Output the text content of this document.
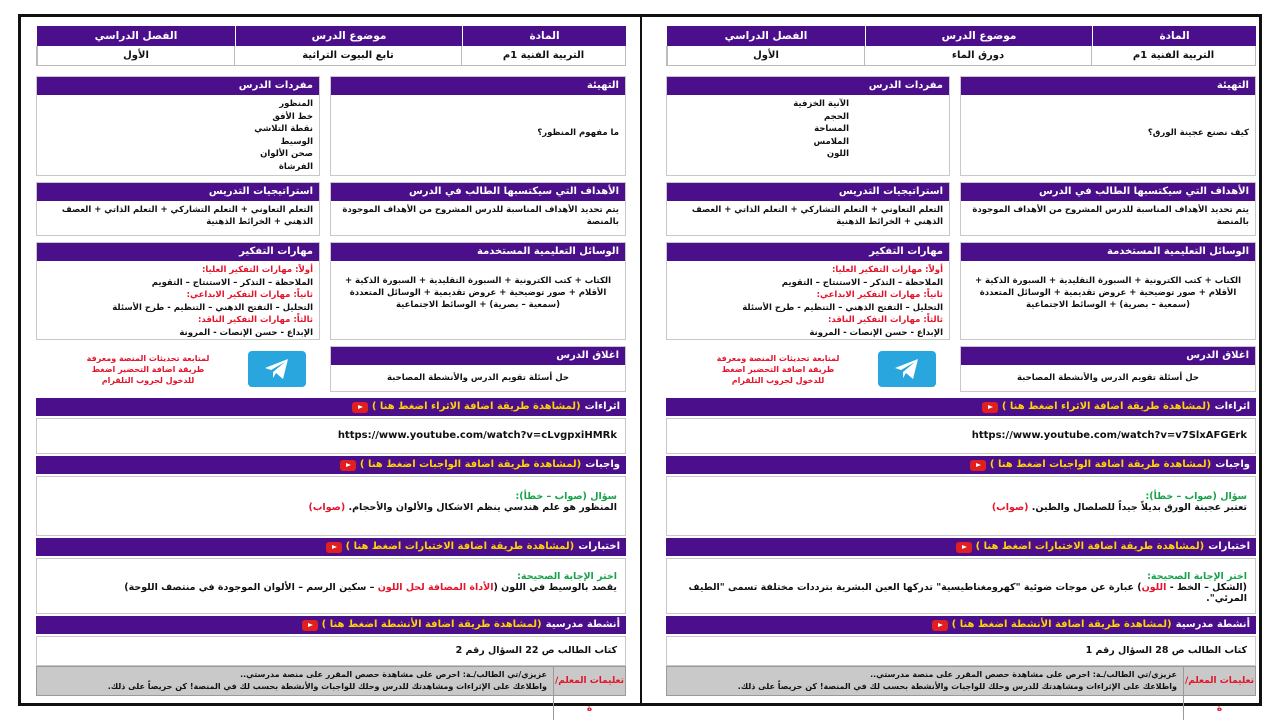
المادة
موضوع الدرس
الفصل الدراسي
التربية الفنية 1م
دورق الماء
الأول
التهيئة
كيف نصنع عجينة الورق؟
مفردات الدرس
الآنية الخزفية
الحجم
المساحة
الملامس
اللون
الأهداف التي سيكتسبها الطالب في الدرس
يتم تحديد الأهداف المناسبة للدرس المشروح من الأهداف الموجودة بالمنصة
استراتيجيات التدريس
التعلم التعاوني + التعلم التشاركي + التعلم الذاتي + العصف الذهني + الخرائط الذهنية
الوسائل التعليمية المستخدمة
الكتاب + كتب الكترونية + السبورة التقليدية + السبورة الذكية + الأقلام + صور توضيحية + عروض تقديمية + الوسائل المتعددة (سمعية – بصرية) + الوسائط الاجتماعية
مهارات التفكير
أولاً: مهارات التفكير العليا:
الملاحظة – التذكر – الاستنتاج – التقويم
ثانياً: مهارات التفكير الابداعي:
التحليل – التفتح الذهني – التنظيم - طرح الأسئلة
ثالثاً: مهارات التفكير الناقد:
الإبداع - حسن الإنصات - المرونة
اغلاق الدرس
حل أسئلة تقويم الدرس والأنشطة المصاحبة
لمتابعة تحديثات المنصة ومعرفة طريقة اضافة التحضير اضغط للدخول لجروب التلقرام
اثراءات
(لمشاهدة طريقة اضافة الاثراء اضغط هنا )
https://www.youtube.com/watch?v=v7SlxAFGErk
واجبات
(لمشاهدة طريقة اضافة الواجبات اضغط هنا )
سؤال (صواب – خطأ):
تعتبر عجينة الورق بديلاً جيداً للصلصال والطين. (صواب)
اختبارات
(لمشاهدة طريقة اضافة الاختبارات اضغط هنا )
اختر الإجابة الصحيحة:
(الشكل – الخط - اللون) عبارة عن موجات ضوئية "كهرومغناطيسية" تدركها العين البشرية بترددات مختلفة تسمى "الطيف المرئي".
أنشطة مدرسية
(لمشاهدة طريقة اضافة الأنشطة اضغط هنا )
كتاب الطالب ص 28 السؤال رقم 1
تعليمات المعلم/ة
عزيزي/تي الطالب/ـة: احرص على مشاهدة حصص المقرر على منصة مدرستي..
واطلاعك على الإثراءات ومشاهدتك للدرس وحلك للواجبات والأنشطة بحسب لك في المنصة! كن حريصاً على ذلك.
المادة
موضوع الدرس
الفصل الدراسي
التربية الفنية 1م
تابع البيوت التراثية
الأول
التهيئة
ما مفهوم المنظور؟
مفردات الدرس
المنظور
خط الأفق
نقطة التلاشي
الوسيط
صحن الألوان
الفرشاة
الأهداف التي سيكتسبها الطالب في الدرس
يتم تحديد الأهداف المناسبة للدرس المشروح من الأهداف الموجودة بالمنصة
استراتيجيات التدريس
التعلم التعاوني + التعلم التشاركي + التعلم الذاتي + العصف الذهني + الخرائط الذهنية
الوسائل التعليمية المستخدمة
الكتاب + كتب الكترونية + السبورة التقليدية + السبورة الذكية + الأقلام + صور توضيحية + عروض تقديمية + الوسائل المتعددة (سمعية – بصرية) + الوسائط الاجتماعية
مهارات التفكير
أولاً: مهارات التفكير العليا:
الملاحظة – التذكر – الاستنتاج – التقويم
ثانياً: مهارات التفكير الابداعي:
التحليل – التفتح الذهني – التنظيم - طرح الأسئلة
ثالثاً: مهارات التفكير الناقد:
الإبداع - حسن الإنصات - المرونة
اغلاق الدرس
حل أسئلة تقويم الدرس والأنشطة المصاحبة
لمتابعة تحديثات المنصة ومعرفة طريقة اضافة التحضير اضغط للدخول لجروب التلقرام
اثراءات
(لمشاهدة طريقة اضافة الاثراء اضغط هنا )
https://www.youtube.com/watch?v=cLvgpxiHMRk
واجبات
(لمشاهدة طريقة اضافة الواجبات اضغط هنا )
سؤال (صواب – خطأ):
المنظور هو علم هندسي ينظم الاشكال والألوان والأحجام. (صواب)
اختبارات
(لمشاهدة طريقة اضافة الاختبارات اضغط هنا )
اختر الإجابة الصحيحة:
يقصد بالوسيط في اللون (الأداة المضافة لحل اللون – سكين الرسم – الألوان الموجودة في منتصف اللوحة)
أنشطة مدرسية
(لمشاهدة طريقة اضافة الأنشطة اضغط هنا )
كتاب الطالب ص 22 السؤال رقم 2
تعليمات المعلم/ة
عزيزي/تي الطالب/ـة: احرص على مشاهدة حصص المقرر على منصة مدرستي..
واطلاعك على الإثراءات ومشاهدتك للدرس وحلك للواجبات والأنشطة بحسب لك في المنصة! كن حريصاً على ذلك.
